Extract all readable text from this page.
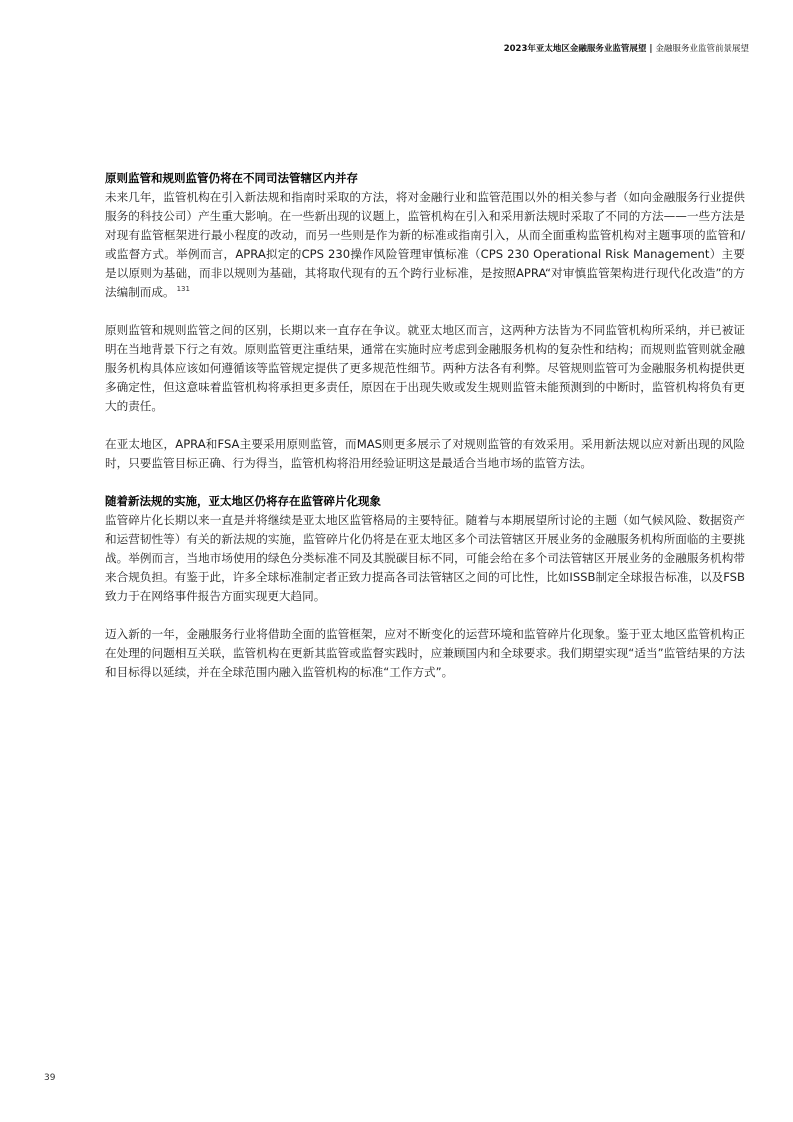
2023年亚太地区金融服务业监管展望 | 金融服务业监管前景展望
原则监管和规则监管仍将在不同司法管辖区内并存

未来几年，监管机构在引入新法规和指南时采取的方法，将对金融行业和监管范围以外的相关参与者（如向金融服务行业提供服务的科技公司）产生重大影响。在一些新出现的议题上，监管机构在引入和采用新法规时采取了不同的方法——一些方法是对现有监管框架进行最小程度的改动，而另一些则是作为新的标准或指南引入，从而全面重构监管机构对主题事项的监管和/或监督方式。举例而言，APRA拟定的CPS 230操作风险管理审慎标准（CPS 230 Operational Risk Management）主要是以原则为基础，而非以规则为基础，其将取代现有的五个跨行业标准，是按照APRA“对审慎监管架构进行现代化改造”的方法编制而成。 $^{131}$

原则监管和规则监管之间的区别，长期以来一直存在争议。就亚太地区而言，这两种方法皆为不同监管机构所采纳，并已被证明在当地背景下行之有效。原则监管更注重结果，通常在实施时应考虑到金融服务机构的复杂性和结构；而规则监管则就金融服务机构具体应该如何遵循该等监管规定提供了更多规范性细节。两种方法各有利弊。尽管规则监管可为金融服务机构提供更多确定性，但这意味着监管机构将承担更多责任，原因在于出现失败或发生规则监管未能预测到的中断时，监管机构将负有更大的责任。

在亚太地区，APRA和FSA主要采用原则监管，而MAS则更多展示了对规则监管的有效采用。采用新法规以应对新出现的风险时，只要监管目标正确、行为得当，监管机构将沿用经验证明这是最适合当地市场的监管方法。

随着新法规的实施，亚太地区仍将存在监管碎片化现象

监管碎片化长期以来一直是并将继续是亚太地区监管格局的主要特征。随着与本期展望所讨论的主题（如气候风险、数据资产和运营韧性等）有关的新法规的实施，监管碎片化仍将是在亚太地区多个司法管辖区开展业务的金融服务机构所面临的主要挑战。举例而言，当地市场使用的绿色分类标准不同及其脱碳目标不同，可能会给在多个司法管辖区开展业务的金融服务机构带来合规负担。有鉴于此，许多全球标准制定者正致力提高各司法管辖区之间的可比性，比如ISSB制定全球报告标准，以及FSB致力于在网络事件报告方面实现更大趋同。

迈入新的一年，金融服务行业将借助全面的监管框架，应对不断变化的运营环境和监管碎片化现象。鉴于亚太地区监管机构正在处理的问题相互关联，监管机构在更新其监管或监督实践时，应兼顾国内和全球要求。我们期望实现“适当”监管结果的方法和目标得以延续，并在全球范围内融入监管机构的标准“工作方式”。

39
